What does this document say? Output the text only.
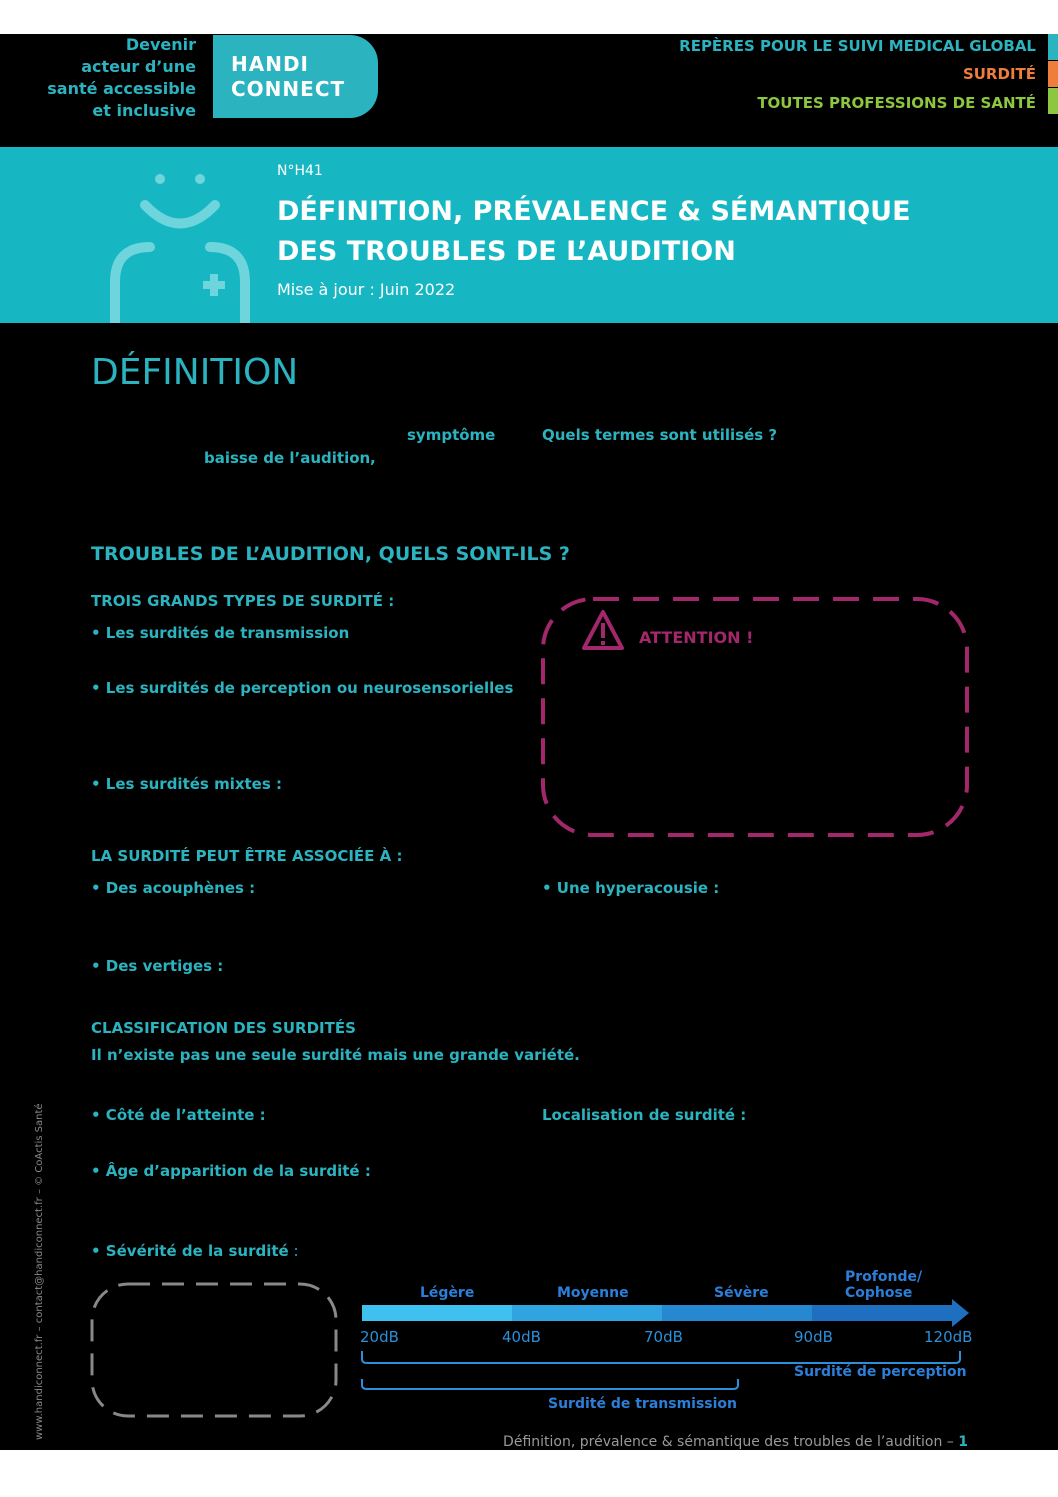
Devenir
acteur d’une
santé accessible
et inclusive
HANDI
CONNECT
REPÈRES POUR LE SUIVI MEDICAL GLOBAL
SURDITÉ
TOUTES PROFESSIONS DE SANTÉ
N°H41
DÉFINITION, PRÉVALENCE & SÉMANTIQUE
DES TROUBLES DE L’AUDITION
Mise à jour : Juin 2022
DÉFINITION
symptôme	Quels termes sont utilisés ?
baisse de l’audition ,
TROUBLES DE L’AUDITION, QUELS SONT-ILS ?
TROIS GRANDS TYPES DE SURDITÉ :
• Les surdités de transmission
• Les surdités de perception ou neurosensorielles
• Les surdités mixtes :
ATTENTION !
LA SURDITÉ PEUT ÊTRE ASSOCIÉE À :
• Des acouphènes :	• Une hyperacousie :
• Des vertiges :
CLASSIFICATION DES SURDITÉS
Il n’existe pas une seule surdité mais une grande variété.
• Côté de l’atteinte :	Localisation de surdité :
• Âge d’apparition de la surdité :
• Sévérité de la surdité :
Légère	Moyenne	Sévère
Profonde/
Cophose
20dB	40dB	70dB	90dB	120dB
Surdité de perception
Surdité de transmission
Définition, prévalence & sémantique des troubles de l’audition – 1
www.handiconnect.fr – contact@handiconnect.fr – © CoActis Santé
